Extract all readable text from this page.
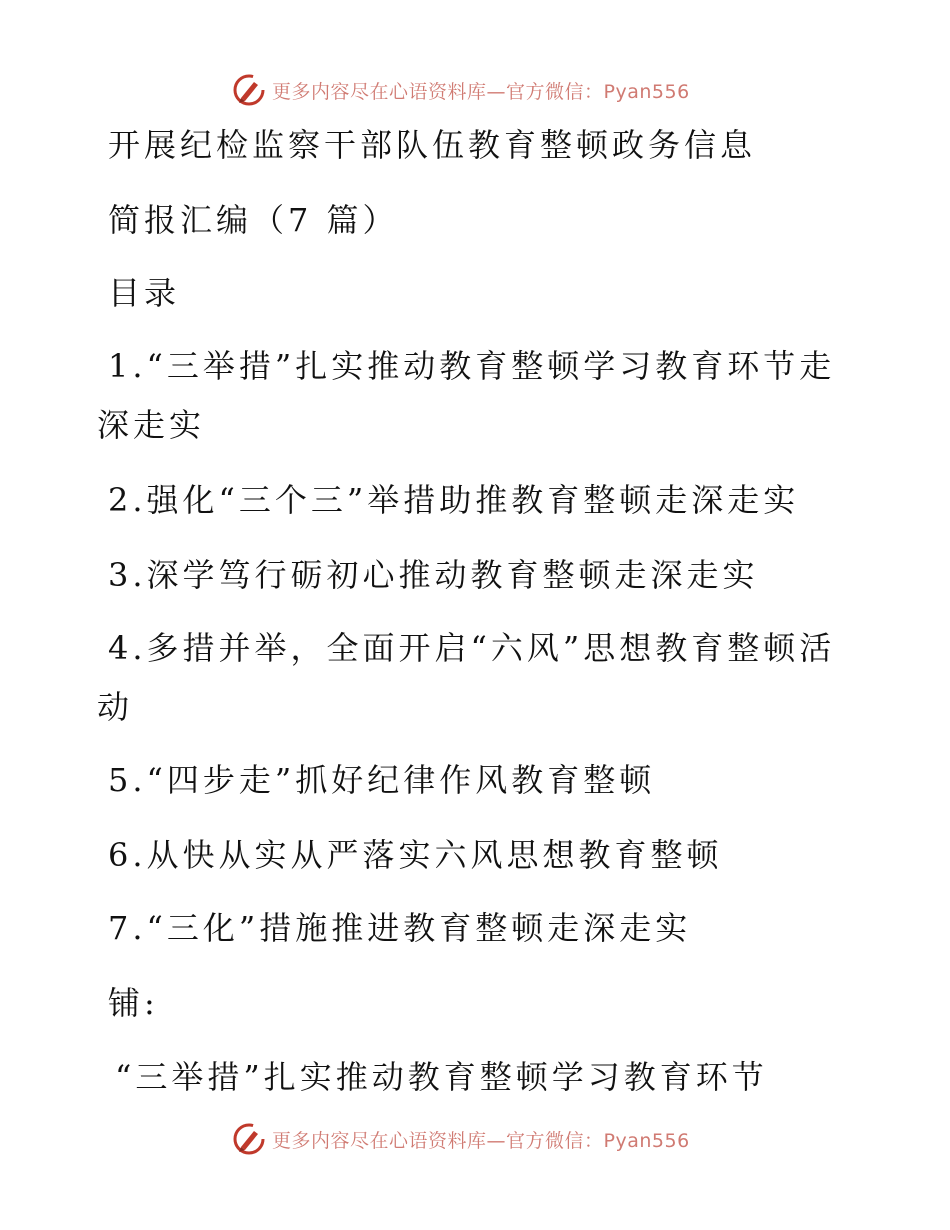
更多内容尽在心语资料库—官方微信：Pyan556
开展纪检监察干部队伍教育整顿政务信息
简报汇编（7 篇）
目录
1.“三举措”扎实推动教育整顿学习教育环节走
深走实
2.强化“三个三”举措助推教育整顿走深走实
3.深学笃行砺初心推动教育整顿走深走实
4.多措并举，全面开启“六风”思想教育整顿活
动
5.“四步走”抓好纪律作风教育整顿
6.从快从实从严落实六风思想教育整顿
7.“三化”措施推进教育整顿走深走实
铺:
“三举措”扎实推动教育整顿学习教育环节
更多内容尽在心语资料库—官方微信：Pyan556
